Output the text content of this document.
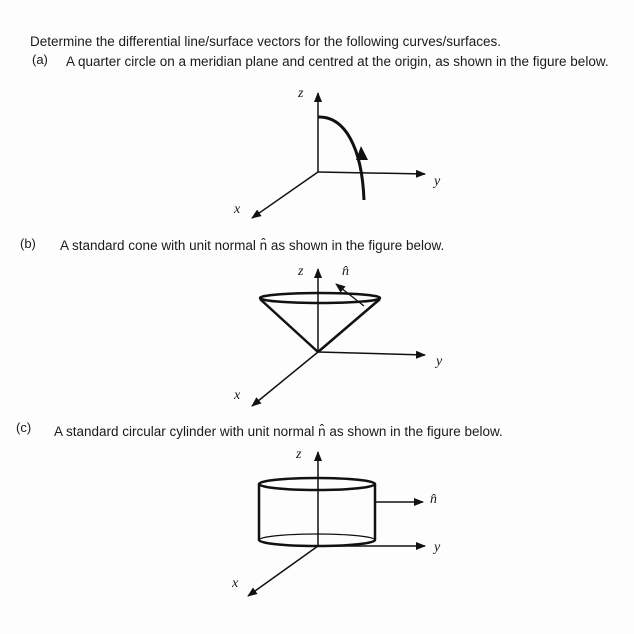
Determine the differential line/surface vectors for the following curves/surfaces.
(a) A quarter circle on a meridian plane and centred at the origin, as shown in the figure below.
(b) A standard cone with unit normal n̂ as shown in the figure below.
(c) A standard circular cylinder with unit normal n̂ as shown in the figure below.
z
y
x
z	n̂
y
x
z
n̂
y
x
